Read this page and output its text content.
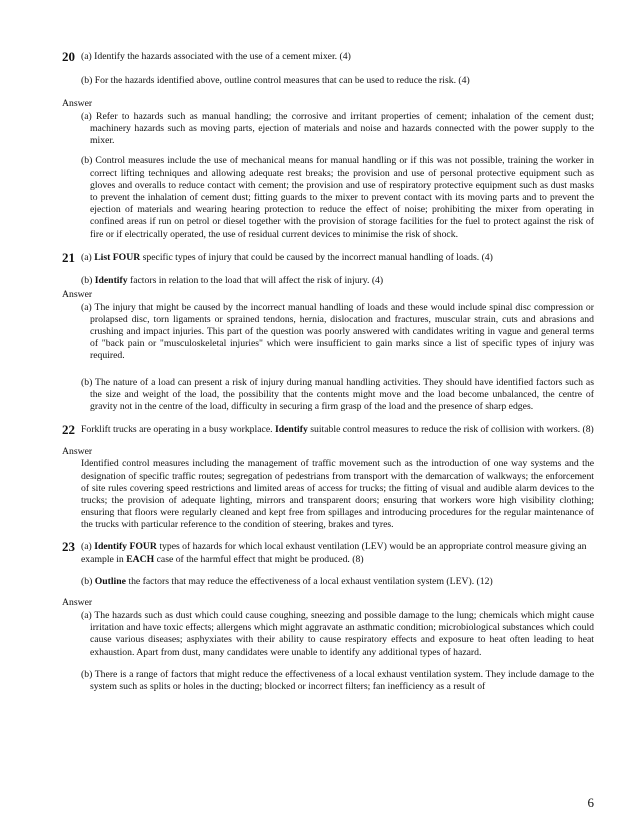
20 (a) Identify the hazards associated with the use of a cement mixer. (4)

(b) For the hazards identified above, outline control measures that can be used to reduce the risk. (4)

Answer

(a) Refer to hazards such as manual handling; the corrosive and irritant properties of cement; inhalation of the cement dust; machinery hazards such as moving parts, ejection of materials and noise and hazards connected with the power supply to the mixer.

(b) Control measures include the use of mechanical means for manual handling or if this was not possible, training the worker in correct lifting techniques and allowing adequate rest breaks; the provision and use of personal protective equipment such as gloves and overalls to reduce contact with cement; the provision and use of respiratory protective equipment such as dust masks to prevent the inhalation of cement dust; fitting guards to the mixer to prevent contact with its moving parts and to prevent the ejection of materials and wearing hearing protection to reduce the effect of noise; prohibiting the mixer from operating in confined areas if run on petrol or diesel together with the provision of storage facilities for the fuel to protect against the risk of fire or if electrically operated, the use of residual current devices to minimise the risk of shock.

21 (a) List FOUR specific types of injury that could be caused by the incorrect manual handling of loads. (4)

(b) Identify factors in relation to the load that will affect the risk of injury. (4)

Answer

(a) The injury that might be caused by the incorrect manual handling of loads and these would include spinal disc compression or prolapsed disc, torn ligaments or sprained tendons, hernia, dislocation and fractures, muscular strain, cuts and abrasions and crushing and impact injuries. This part of the question was poorly answered with candidates writing in vague and general terms of "back pain or "musculoskeletal injuries" which were insufficient to gain marks since a list of specific types of injury was required.

(b) The nature of a load can present a risk of injury during manual handling activities. They should have identified factors such as the size and weight of the load, the possibility that the contents might move and the load become unbalanced, the centre of gravity not in the centre of the load, difficulty in securing a firm grasp of the load and the presence of sharp edges.

22 Forklift trucks are operating in a busy workplace. Identify suitable control measures to reduce the risk of collision with workers. (8)

Answer

Identified control measures including the management of traffic movement such as the introduction of one way systems and the designation of specific traffic routes; segregation of pedestrians from transport with the demarcation of walkways; the enforcement of site rules covering speed restrictions and limited areas of access for trucks; the fitting of visual and audible alarm devices to the trucks; the provision of adequate lighting, mirrors and transparent doors; ensuring that workers wore high visibility clothing; ensuring that floors were regularly cleaned and kept free from spillages and introducing procedures for the regular maintenance of the trucks with particular reference to the condition of steering, brakes and tyres.

23 (a) Identify FOUR types of hazards for which local exhaust ventilation (LEV) would be an appropriate control measure giving an example in EACH case of the harmful effect that might be produced. (8)

(b) Outline the factors that may reduce the effectiveness of a local exhaust ventilation system (LEV). (12)

Answer

(a) The hazards such as dust which could cause coughing, sneezing and possible damage to the lung; chemicals which might cause irritation and have toxic effects; allergens which might aggravate an asthmatic condition; microbiological substances which could cause various diseases; asphyxiates with their ability to cause respiratory effects and exposure to heat often leading to heat exhaustion. Apart from dust, many candidates were unable to identify any additional types of hazard.

(b) There is a range of factors that might reduce the effectiveness of a local exhaust ventilation system. They include damage to the system such as splits or holes in the ducting; blocked or incorrect filters; fan inefficiency as a result of

6
